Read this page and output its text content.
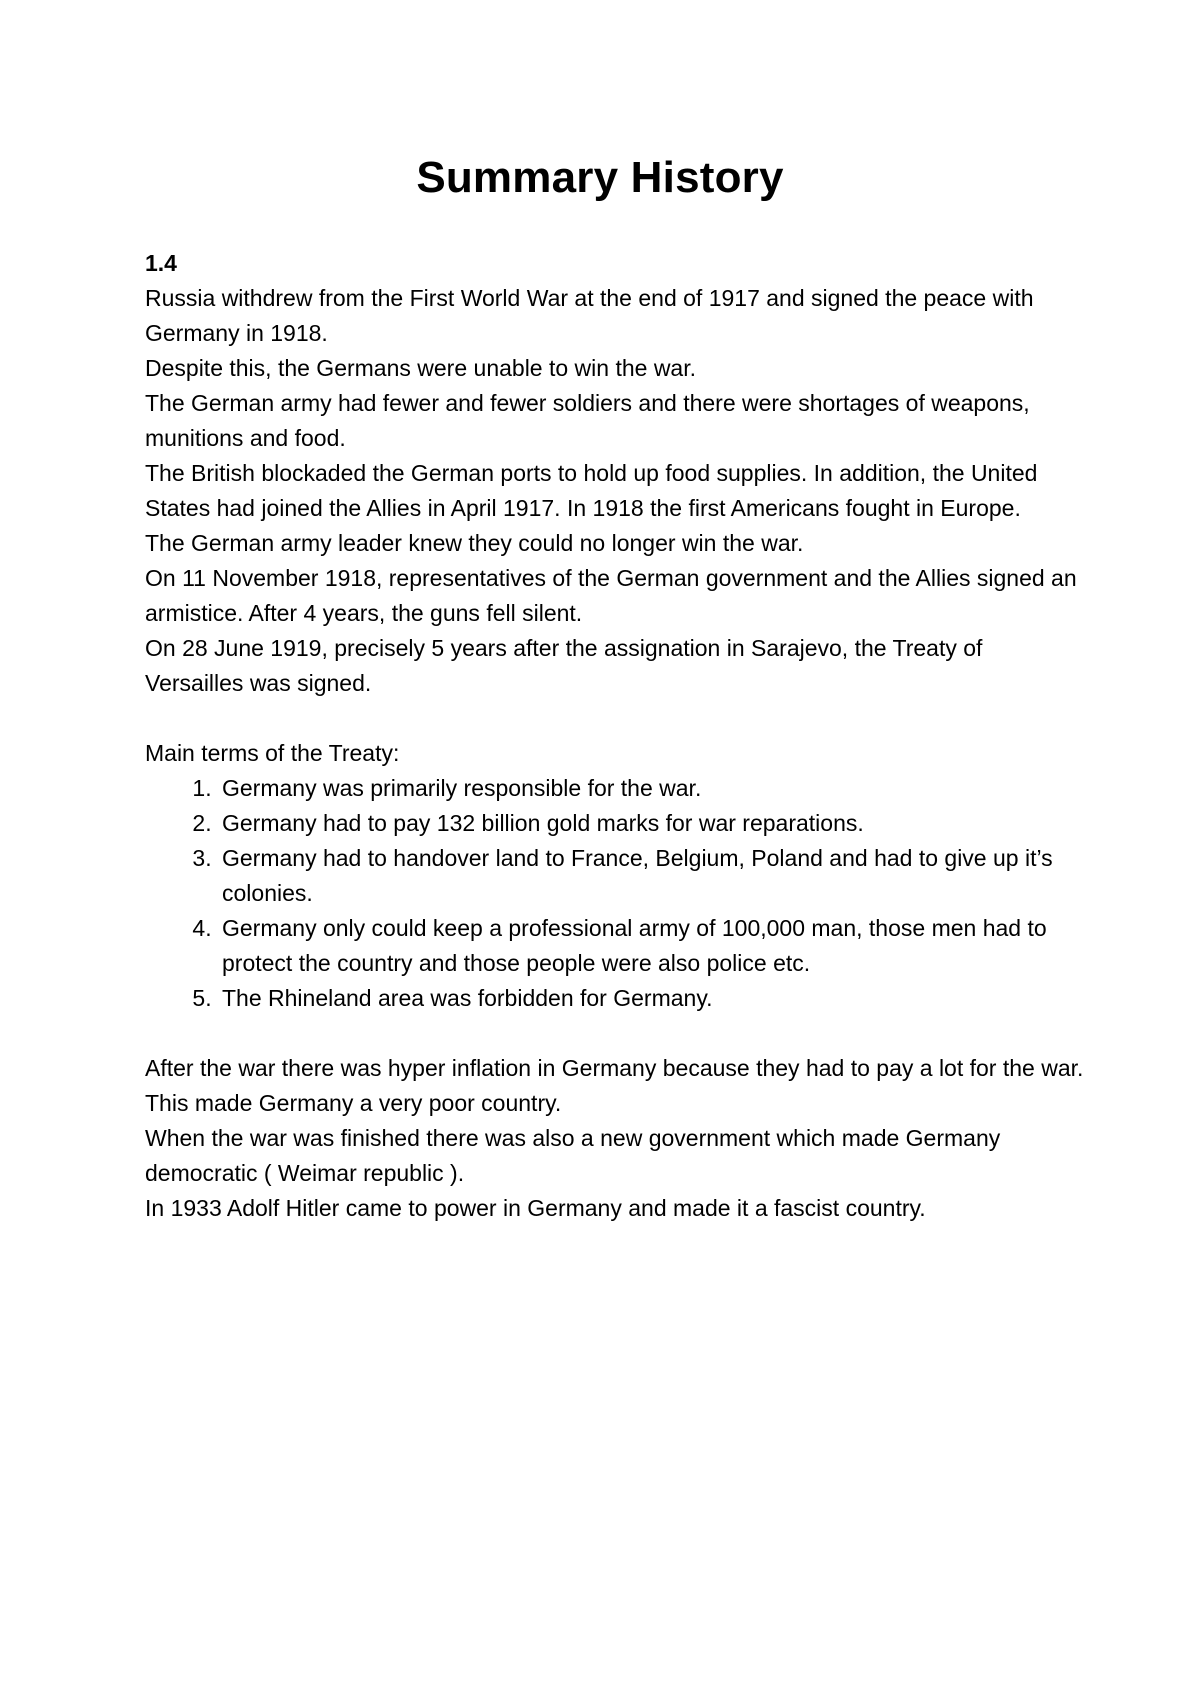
Summary History

1.4

Russia withdrew from the First World War at the end of 1917 and signed the peace with Germany in 1918.

Despite this, the Germans were unable to win the war.

The German army had fewer and fewer soldiers and there were shortages of weapons, munitions and food.

The British blockaded the German ports to hold up food supplies. In addition, the United States had joined the Allies in April 1917. In 1918 the first Americans fought in Europe.

The German army leader knew they could no longer win the war.

On 11 November 1918, representatives of the German government and the Allies signed an armistice. After 4 years, the guns fell silent.

On 28 June 1919, precisely 5 years after the assignation in Sarajevo, the Treaty of Versailles was signed.

Main terms of the Treaty:

1. Germany was primarily responsible for the war.
2. Germany had to pay 132 billion gold marks for war reparations.
3. Germany had to handover land to France, Belgium, Poland and had to give up it’s colonies.
4. Germany only could keep a professional army of 100,000 man, those men had to protect the country and those people were also police etc.
5. The Rhineland area was forbidden for Germany.

After the war there was hyper inflation in Germany because they had to pay a lot for the war. This made Germany a very poor country.

When the war was finished there was also a new government which made Germany democratic ( Weimar republic ).

In 1933 Adolf Hitler came to power in Germany and made it a fascist country.
